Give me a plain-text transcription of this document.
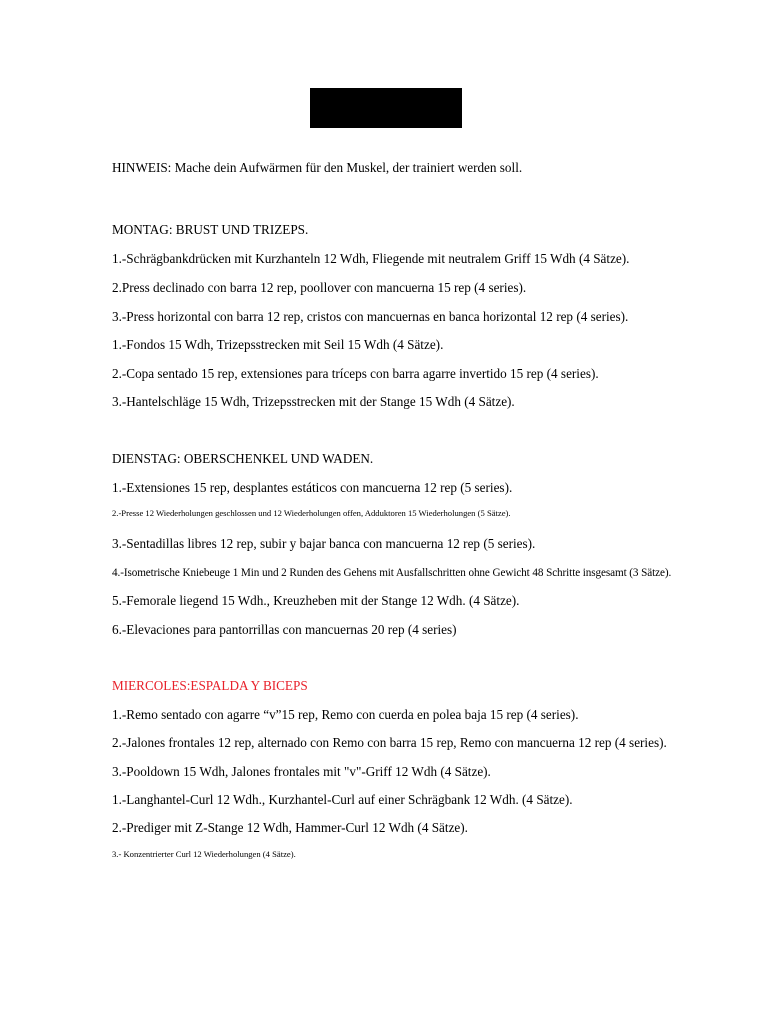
HINWEIS: Mache dein Aufwärmen für den Muskel, der trainiert werden soll.
MONTAG: BRUST UND TRIZEPS.
1.-Schrägbankdrücken mit Kurzhanteln 12 Wdh, Fliegende mit neutralem Griff 15 Wdh (4 Sätze).
2.Press declinado con barra 12 rep, poollover con mancuerna 15 rep (4 series).
3.-Press horizontal con barra 12 rep, cristos con mancuernas en banca horizontal 12 rep (4 series).
1.-Fondos 15 Wdh, Trizepsstrecken mit Seil 15 Wdh (4 Sätze).
2.-Copa sentado 15 rep, extensiones para tríceps con barra agarre invertido 15 rep (4 series).
3.-Hantelschläge 15 Wdh, Trizepsstrecken mit der Stange 15 Wdh (4 Sätze).
DIENSTAG: OBERSCHENKEL UND WADEN.
1.-Extensiones 15 rep, desplantes estáticos con mancuerna 12 rep (5 series).
2.-Presse 12 Wiederholungen geschlossen und 12 Wiederholungen offen, Adduktoren 15 Wiederholungen (5 Sätze).
3.-Sentadillas libres 12 rep, subir y bajar banca con mancuerna 12 rep (5 series).
4.-Isometrische Kniebeuge 1 Min und 2 Runden des Gehens mit Ausfallschritten ohne Gewicht 48 Schritte insgesamt (3 Sätze).
5.-Femorale liegend 15 Wdh., Kreuzheben mit der Stange 12 Wdh. (4 Sätze).
6.-Elevaciones para pantorrillas con mancuernas 20 rep (4 series)
MIERCOLES:ESPALDA Y BICEPS
1.-Remo sentado con agarre “v”15 rep, Remo con cuerda en polea baja 15 rep (4 series).
2.-Jalones frontales 12 rep, alternado con Remo con barra 15 rep, Remo con mancuerna 12 rep (4 series).
3.-Pooldown 15 Wdh, Jalones frontales mit "v"-Griff 12 Wdh (4 Sätze).
1.-Langhantel-Curl 12 Wdh., Kurzhantel-Curl auf einer Schrägbank 12 Wdh. (4 Sätze).
2.-Prediger mit Z-Stange 12 Wdh, Hammer-Curl 12 Wdh (4 Sätze).
3.- Konzentrierter Curl 12 Wiederholungen (4 Sätze).
